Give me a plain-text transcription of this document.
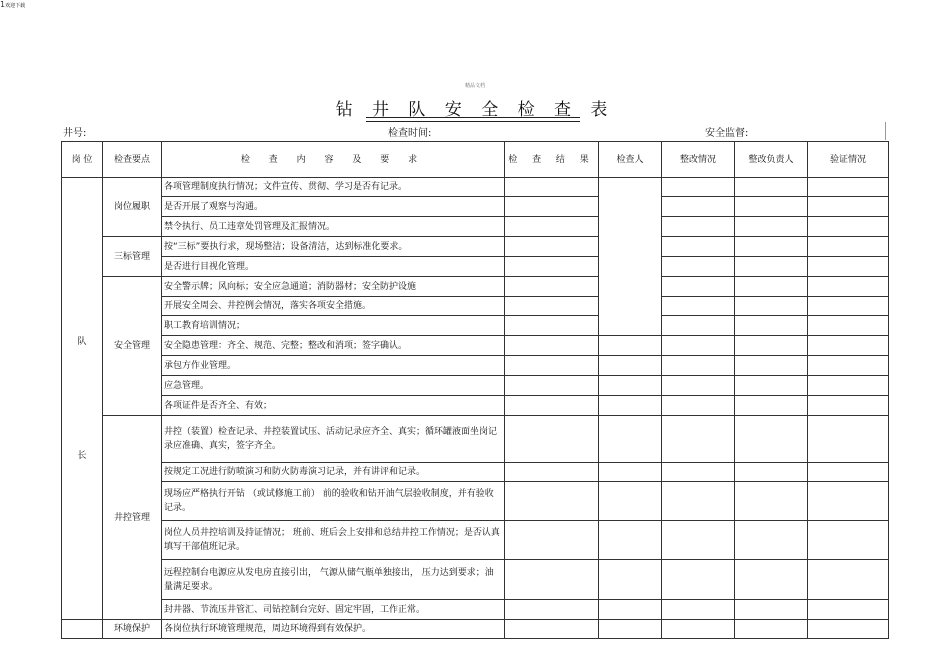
精品文档
钻 井 队 安 全 检 查 表
井号:	检查时间:	安全监督:
岗 位	检查要点	检 查 内 容 及 要 求	检 查 结 果	检查人	整改情况	整改负责人	验证情况

队
长	岗位履职	各项管理制度执行情况；文件宣传、贯彻、学习是否有记录。					
		是否开展了观察与沟通。					
		禁令执行、员工违章处罚管理及汇报情况。					
	三标管理	按“三标”要执行求，现场整洁；设备清洁，达到标准化要求。					
		是否进行目视化管理。					
	安全管理	安全警示牌；风向标；安全应急通道；消防器材；安全防护设施					
		开展安全周会、井控例会情况，落实各项安全措施。					
		职工教育培训情况；					
		安全隐患管理：齐全、规范、完整；整改和消项；签字确认。					
		承包方作业管理。					
		应急管理。					
		各项证件是否齐全、有效；					
	井控管理	井控（装置）检查记录、井控装置试压、活动记录应齐全、真实；循环罐液面坐岗记录应准确、真实，签字齐全。					
		按规定工况进行防喷演习和防火防毒演习记录，并有讲评和记录。					
		现场应严格执行开钻 （或试修施工前） 前的验收和钻开油气层验收制度，并有验收记录。					
		岗位人员井控培训及持证情况； 班前、班后会上安排和总结井控工作情况；是否认真填写干部值班记录。					
		远程控制台电源应从发电房直接引出， 气源从储气瓶单独接出， 压力达到要求；油量满足要求。					
		封井器、节流压井管汇、司钻控制台完好、固定牢固，工作正常。					
	环境保护	各岗位执行环境管理规范，周边环境得到有效保护。					
1欢迎下载
